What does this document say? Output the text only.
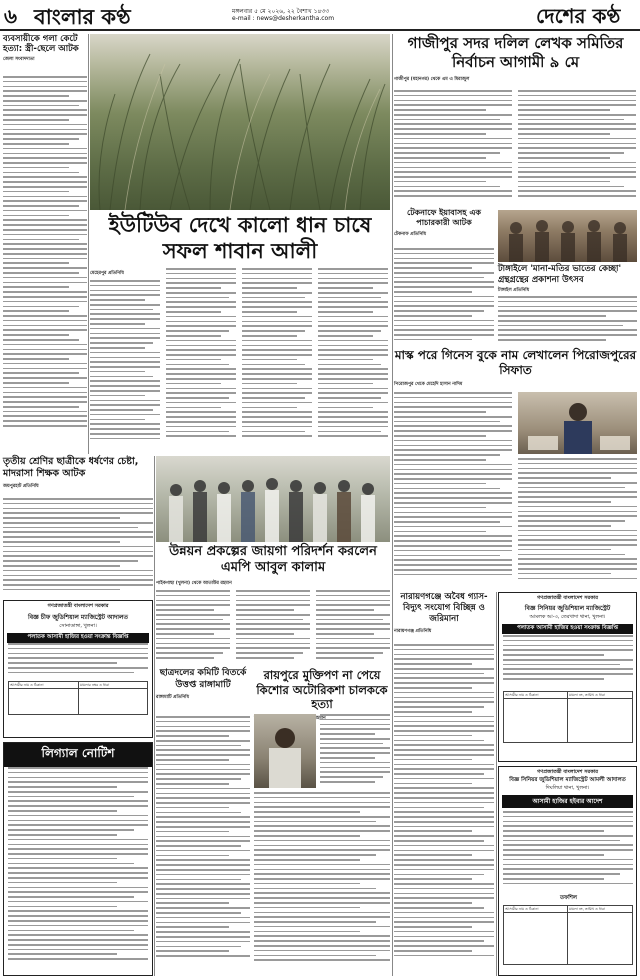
৬ বাংলার কণ্ঠ	মঙ্গলবার ৫ মে ২০২৬, ২২ বৈশাখ ১৪৩৩
e-mail : news@desherkantha.com	দেশের কণ্ঠ
ব্যবসায়ীকে গলা কেটে হত্যা: স্ত্রী-ছেলে আটক
জেলা সংবাদদাতা
গাজীপুর সদর দলিল লেখক সমিতির নির্বাচন আগামী ৯ মে
গাজীপুর (মহানগর) থেকে এম এ মিরাজুল
ইউটিউব দেখে কালো ধান চাষে সফল শাবান আলী
মেহেরপুর প্রতিনিধি
টেকনাফে ইয়াবাসহ এক পাচারকারী আটক
টেকনাফ প্রতিনিধি
টাঙ্গাইলে 'মানা-মতির ভাতের কেচ্ছা' গ্রন্থগ্রন্থের প্রকাশনা উৎসব
টাঙ্গাইল প্রতিনিধি
মাস্ক পরে গিনেস বুকে নাম লেখালেন পিরোজপুরের সিফাত
পিরোজপুর থেকে মেহেদি হাসান নাদিম
তৃতীয় শ্রেণির ছাত্রীকে ধর্ষণের চেষ্টা, মাদরাসা শিক্ষক আটক
জয়পুরহাট প্রতিনিধি
উন্নয়ন প্রকল্পের জায়গা পরিদর্শন করলেন এমপি আবুল কালাম
পাইকগাছা (খুলনা) থেকে আতাউর রহমান
গণপ্রজাতন্ত্রী বাংলাদেশ সরকার
বিজ্ঞ চীফ জুডিশিয়াল ম্যাজিস্ট্রেট আদালত
সোনাডাঙ্গা, খুলনা।
পলাতক আসামী হাজির হওয়া সংক্রান্ত বিজ্ঞপ্তি
আসামীর নাম ও ঠিকানা	মামলার নম্বর ও ধারা

লিগ্যাল নোটিশ
ছাত্রদলের কমিটি বিতর্কে উত্তপ্ত রাঙ্গামাটি
রাঙ্গামাটি প্রতিনিধি
রায়পুরে মুক্তিপণ না পেয়ে কিশোর অটোরিকশা চালককে হত্যা
নারায়ণগঞ্জে অবৈধ গ্যাস-বিদ্যুৎ সংযোগ বিচ্ছিন্ন ও জরিমানা
নারায়ণগঞ্জ প্রতিনিধি
গণপ্রজাতন্ত্রী বাংলাদেশ সরকার
বিজ্ঞ সিনিয়র জুডিশিয়াল ম্যাজিস্ট্রেট
আমলক আ-৩, তেরখাদা থানা, খুলনা।
পলাতক আসামী হাজির হওয়া সংক্রান্ত বিজ্ঞপ্তি
আসামীর নাম ও ঠিকানা	মামলা নং, তারিখ ও ধারা

গণপ্রজাতন্ত্রী বাংলাদেশ সরকার
বিজ্ঞ সিনিয়র জুডিশিয়াল ম্যাজিস্ট্রেট আমলী আদালত
দিঘলিয়া থানা, খুলনা।
আসামী হাজির হইবার আদেশ
তফশিল
আসামীর নাম ও ঠিকানা	মামলা নং, তারিখ ও ধারা
